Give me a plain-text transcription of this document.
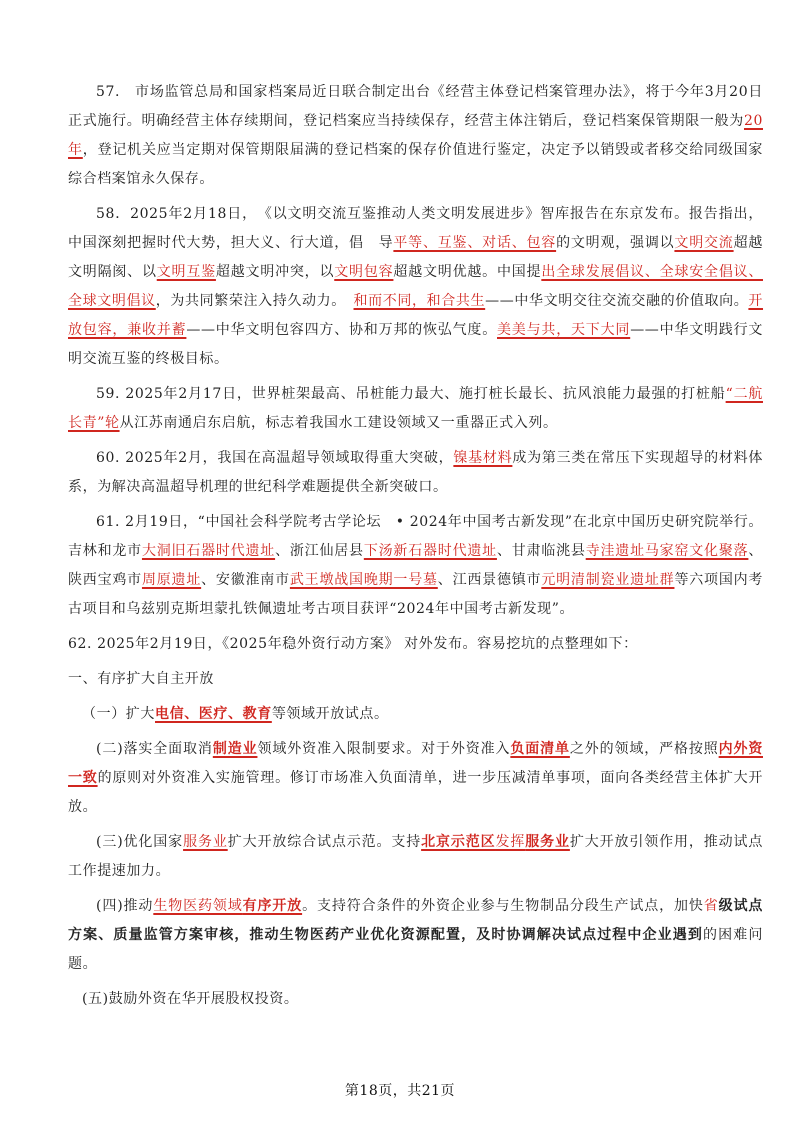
57.　市场监管总局和国家档案局近日联合制定出台《经营主体登记档案管理办法》，将于今年3月20日正式施行。明确经营主体存续期间，登记档案应当持续保存，经营主体注销后，登记档案保管期限一般为20年，登记机关应当定期对保管期限届满的登记档案的保存价值进行鉴定，决定予以销毁或者移交给同级国家综合档案馆永久保存。

58．2025年2月18日，　《以文明交流互鉴推动人类文明发展进步》智库报告在东京发布。报告指出，中国深刻把握时代大势，担大义、行大道，倡　导平等、互鉴、对话、包容的文明观，强调以文明交流超越文明隔阂、以文明互鉴超越文明冲突，以文明包容超越文明优越。中国提出全球发展倡议、全球安全倡议、全球文明倡议，为共同繁荣注入持久动力。　和而不同，和合共生——中华文明交往交流交融的价值取向。开放包容，兼收并蓄——中华文明包容四方、协和万邦的恢弘气度。美美与共，天下大同——中华文明践行文明交流互鉴的终极目标。

59. 2025年2月17日，世界桩架最高、吊桩能力最大、施打桩长最长、抗风浪能力最强的打桩船“二航长青”轮从江苏南通启东启航，标志着我国水工建设领域又一重器正式入列。

60. 2025年2月，我国在高温超导领域取得重大突破，镍基材料成为第三类在常压下实现超导的材料体系，为解决高温超导机理的世纪科学难题提供全新突破口。

61. 2月19日，“中国社会科学院考古学论坛　• 2024年中国考古新发现”在北京中国历史研究院举行。吉林和龙市大洞旧石器时代遗址、浙江仙居县下汤新石器时代遗址、甘肃临洮县寺洼遗址马家窑文化聚落、陕西宝鸡市周原遗址、安徽淮南市武王墩战国晚期一号墓、江西景德镇市元明清制瓷业遗址群等六项国内考古项目和乌兹别克斯坦蒙扎铁佩遗址考古项目获评“2024年中国考古新发现”。

62. 2025年2月19日，《2025年稳外资行动方案》 对外发布。容易挖坑的点整理如下：

一、有序扩大自主开放

（一）扩大电信、医疗、教育等领域开放试点。

(二)落实全面取消制造业领域外资准入限制要求。对于外资准入负面清单之外的领域，严格按照内外资一致的原则对外资准入实施管理。修订市场准入负面清单，进一步压减清单事项，面向各类经营主体扩大开放。

(三)优化国家服务业扩大开放综合试点示范。支持北京示范区发挥服务业扩大开放引领作用，推动试点工作提速加力。

(四)推动生物医药领域有序开放。支持符合条件的外资企业参与生物制品分段生产试点，加快省级试点方案、质量监管方案审核，推动生物医药产业优化资源配置，及时协调解决试点过程中企业遇到的困难问题。

(五)鼓励外资在华开展股权投资。

第18页，共21页
